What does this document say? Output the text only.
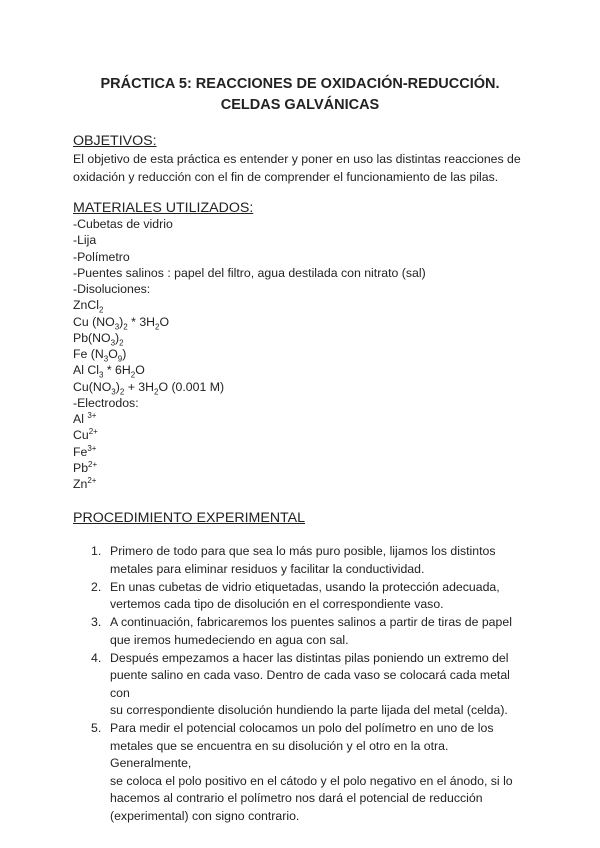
PRÁCTICA 5: REACCIONES DE OXIDACIÓN-REDUCCIÓN.
CELDAS GALVÁNICAS
OBJETIVOS:
El objetivo de esta práctica es entender y poner en uso las distintas reacciones de
oxidación y reducción con el fin de comprender el funcionamiento de las pilas.
MATERIALES UTILIZADOS:
-Cubetas de vidrio
-Lija
-Polímetro
-Puentes salinos : papel del filtro, agua destilada con nitrato (sal)
-Disoluciones:
ZnCl$_2$
Cu $(NO_3)_2 * 3H_2O$
$Pb(NO_3)_2$
Fe $(N_3O_9)$
Al $Cl_3 * 6H_2O$
$Cu(NO_3)_2 + 3H_2O$ (0.001 M)
-Electrodos:
Al $^{3+}$
$Cu^{2+}$
$Fe^{3+}$
$Pb^{2+}$
$Zn^{2+}$
PROCEDIMIENTO EXPERIMENTAL
1. Primero de todo para que sea lo más puro posible, lijamos los distintos
metales para eliminar residuos y facilitar la conductividad.
2. En unas cubetas de vidrio etiquetadas, usando la protección adecuada,
vertemos cada tipo de disolución en el correspondiente vaso.
3. A continuación, fabricaremos los puentes salinos a partir de tiras de papel
que iremos humedeciendo en agua con sal.
4. Después empezamos a hacer las distintas pilas poniendo un extremo del
puente salino en cada vaso. Dentro de cada vaso se colocará cada metal con
su correspondiente disolución hundiendo la parte lijada del metal (celda).
5. Para medir el potencial colocamos un polo del polímetro en uno de los
metales que se encuentra en su disolución y el otro en la otra. Generalmente,
se coloca el polo positivo en el cátodo y el polo negativo en el ánodo, si lo
hacemos al contrario el polímetro nos dará el potencial de reducción
(experimental) con signo contrario.
